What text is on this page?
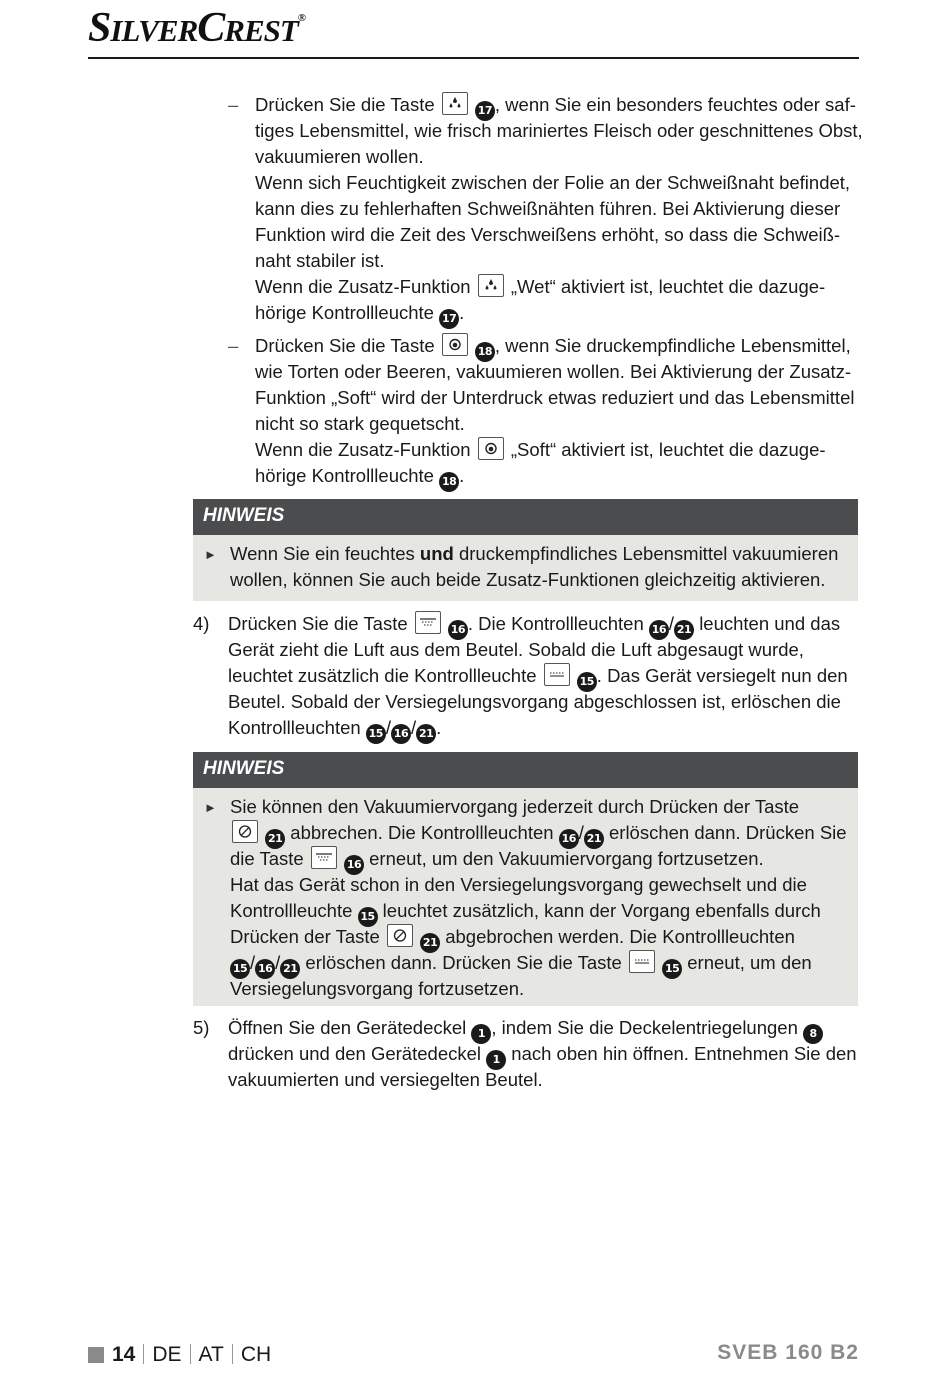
SILVERCREST®
– Drücken Sie die Taste	17 , wenn Sie ein besonders feuchtes oder saf-
tiges Lebensmittel, wie frisch mariniertes Fleisch oder geschnittenes Obst,
vakuumieren wollen.
Wenn sich Feuchtigkeit zwischen der Folie an der Schweißnaht befindet,
kann dies zu fehlerhaften Schweißnähten führen. Bei Aktivierung dieser
Funktion wird die Zeit des Verschweißens erhöht, so dass die Schweiß-
naht stabiler ist.
Wenn die Zusatz-Funktion „Wet“ aktiviert ist, leuchtet die dazuge-
hörige Kontrollleuchte 17 .
– Drücken Sie die Taste	18 , wenn Sie druckempfindliche Lebensmittel,
wie Torten oder Beeren, vakuumieren wollen. Bei Aktivierung der Zusatz-
Funktion „Soft“ wird der Unterdruck etwas reduziert und das Lebensmittel
nicht so stark gequetscht.
Wenn die Zusatz-Funktion „Soft“ aktiviert ist, leuchtet die dazuge-
hörige Kontrollleuchte 18 .
HINWEIS
► Wenn Sie ein feuchtes und druckempfindliches Lebensmittel vakuumieren
wollen, können Sie auch beide Zusatz-Funktionen gleichzeitig aktivieren.
4) Drücken Sie die Taste	16 . Die Kontrollleuchten 16 / 21 leuchten und das
Gerät zieht die Luft aus dem Beutel. Sobald die Luft abgesaugt wurde,
leuchtet zusätzlich die Kontrollleuchte	15 . Das Gerät versiegelt nun den
Beutel. Sobald der Versiegelungsvorgang abgeschlossen ist, erlöschen die
Kontrollleuchten 15 / 16 / 21 .
HINWEIS
► Sie können den Vakuumiervorgang jederzeit durch Drücken der Taste
21 abbrechen. Die Kontrollleuchten 16 / 21 erlöschen dann. Drücken Sie
die Taste	16 erneut, um den Vakuumiervorgang fortzusetzen.
Hat das Gerät schon in den Versiegelungsvorgang gewechselt und die
Kontrollleuchte 15 leuchtet zusätzlich, kann der Vorgang ebenfalls durch
Drücken der Taste	21 abgebrochen werden. Die Kontrollleuchten
15 / 16 / 21 erlöschen dann. Drücken Sie die Taste	15 erneut, um den
Versiegelungsvorgang fortzusetzen.
5) Öffnen Sie den Gerätedeckel 1 , indem Sie die Deckelentriegelungen 8
drücken und den Gerätedeckel 1 nach oben hin öffnen. Entnehmen Sie den
vakuumierten und versiegelten Beutel.
14 DE AT CH	SVEB 160 B2
